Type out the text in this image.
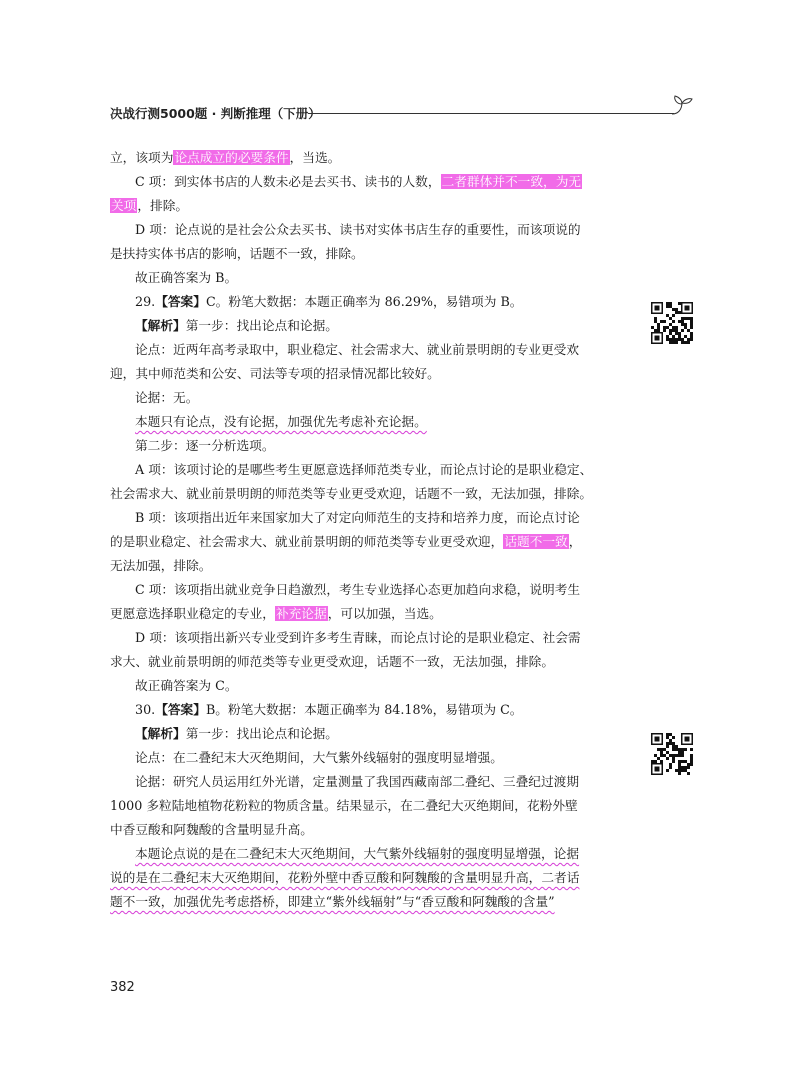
决战行测5000题 · 判断推理（下册）
立，该项为论点成立的必要条件，当选。
C 项：到实体书店的人数未必是去买书、读书的人数，二者群体并不一致，为无
关项，排除。
D 项：论点说的是社会公众去买书、读书对实体书店生存的重要性，而该项说的
是扶持实体书店的影响，话题不一致，排除。
故正确答案为 B。
29.【答案】C。粉笔大数据：本题正确率为 86.29%，易错项为 B。
【解析】第一步：找出论点和论据。
论点：近两年高考录取中，职业稳定、社会需求大、就业前景明朗的专业更受欢
迎，其中师范类和公安、司法等专项的招录情况都比较好。
论据：无。
本题只有论点，没有论据，加强优先考虑补充论据。
第二步：逐一分析选项。
A 项：该项讨论的是哪些考生更愿意选择师范类专业，而论点讨论的是职业稳定、
社会需求大、就业前景明朗的师范类等专业更受欢迎，话题不一致，无法加强，排除。
B 项：该项指出近年来国家加大了对定向师范生的支持和培养力度，而论点讨论
的是职业稳定、社会需求大、就业前景明朗的师范类等专业更受欢迎，话题不一致，
无法加强，排除。
C 项：该项指出就业竞争日趋激烈，考生专业选择心态更加趋向求稳，说明考生
更愿意选择职业稳定的专业，补充论据，可以加强，当选。
D 项：该项指出新兴专业受到许多考生青睐，而论点讨论的是职业稳定、社会需
求大、就业前景明朗的师范类等专业更受欢迎，话题不一致，无法加强，排除。
故正确答案为 C。
30.【答案】B。粉笔大数据：本题正确率为 84.18%，易错项为 C。
【解析】第一步：找出论点和论据。
论点：在二叠纪末大灭绝期间，大气紫外线辐射的强度明显增强。
论据：研究人员运用红外光谱，定量测量了我国西藏南部二叠纪、三叠纪过渡期
1000 多粒陆地植物花粉粒的物质含量。结果显示，在二叠纪大灭绝期间，花粉外壁
中香豆酸和阿魏酸的含量明显升高。
本题论点说的是在二叠纪末大灭绝期间，大气紫外线辐射的强度明显增强，论据
说的是在二叠纪末大灭绝期间，花粉外壁中香豆酸和阿魏酸的含量明显升高，二者话
题不一致，加强优先考虑搭桥，即建立“紫外线辐射”与“香豆酸和阿魏酸的含量”
382
